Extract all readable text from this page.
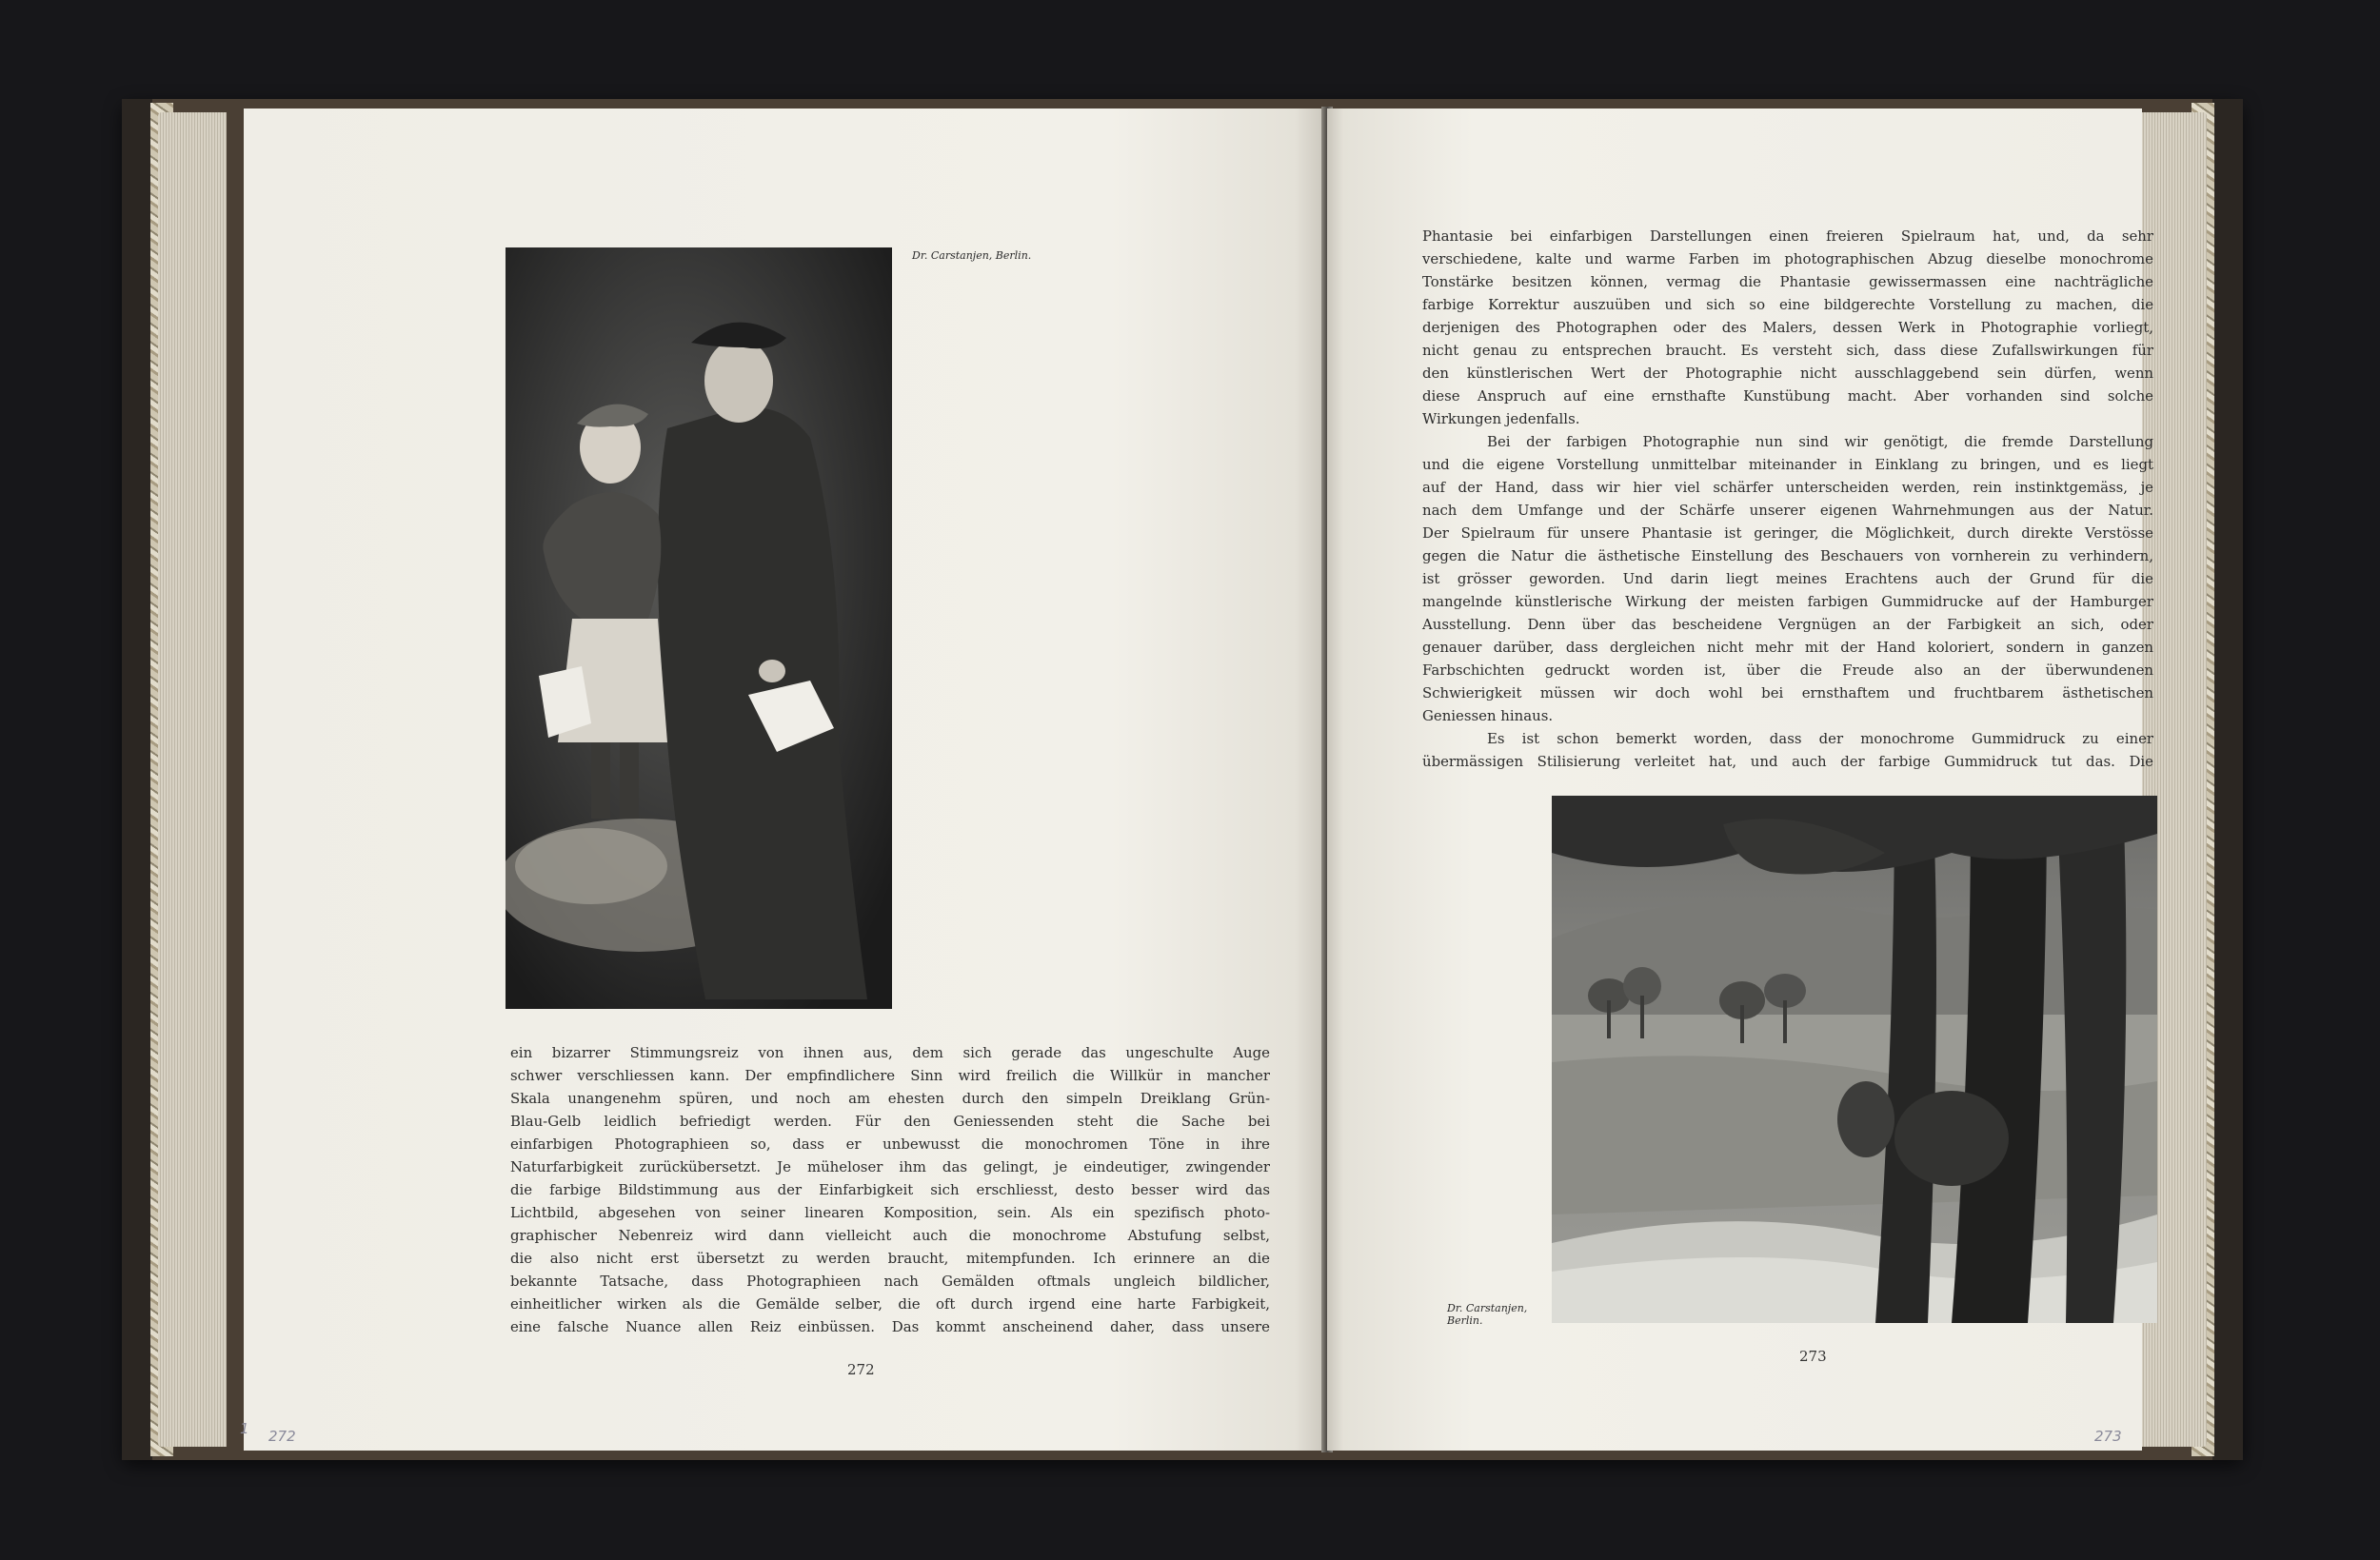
Dr. Carstanjen, Berlin.
ein bizarrer Stimmungsreiz von ihnen aus, dem sich gerade das ungeschulte Auge
schwer verschliessen kann. Der empfindlichere Sinn wird freilich die Willkür in mancher
Skala unangenehm spüren, und noch am ehesten durch den simpeln Dreiklang Grün-
Blau-Gelb leidlich befriedigt werden. Für den Geniessenden steht die Sache bei
einfarbigen Photographieen so, dass er unbewusst die monochromen Töne in ihre
Naturfarbigkeit zurückübersetzt. Je müheloser ihm das gelingt, je eindeutiger, zwingender
die farbige Bildstimmung aus der Einfarbigkeit sich erschliesst, desto besser wird das
Lichtbild, abgesehen von seiner linearen Komposition, sein. Als ein spezifisch photo-
graphischer Nebenreiz wird dann vielleicht auch die monochrome Abstufung selbst,
die also nicht erst übersetzt zu werden braucht, mitempfunden. Ich erinnere an die
bekannte Tatsache, dass Photographieen nach Gemälden oftmals ungleich bildlicher,
einheitlicher wirken als die Gemälde selber, die oft durch irgend eine harte Farbigkeit,
eine falsche Nuance allen Reiz einbüssen. Das kommt anscheinend daher, dass unsere
272
272
Phantasie bei einfarbigen Darstellungen einen freieren Spielraum hat, und, da sehr
verschiedene, kalte und warme Farben im photographischen Abzug dieselbe monochrome
Tonstärke besitzen können, vermag die Phantasie gewissermassen eine nachträgliche
farbige Korrektur auszuüben und sich so eine bildgerechte Vorstellung zu machen, die
derjenigen des Photographen oder des Malers, dessen Werk in Photographie vorliegt,
nicht genau zu entsprechen braucht. Es versteht sich, dass diese Zufallswirkungen für
den künstlerischen Wert der Photographie nicht ausschlaggebend sein dürfen, wenn
diese Anspruch auf eine ernsthafte Kunstübung macht. Aber vorhanden sind solche
Wirkungen jedenfalls.
Bei der farbigen Photographie nun sind wir genötigt, die fremde Darstellung
und die eigene Vorstellung unmittelbar miteinander in Einklang zu bringen, und es liegt
auf der Hand, dass wir hier viel schärfer unterscheiden werden, rein instinktgemäss, je
nach dem Umfange und der Schärfe unserer eigenen Wahrnehmungen aus der Natur.
Der Spielraum für unsere Phantasie ist geringer, die Möglichkeit, durch direkte Verstösse
gegen die Natur die ästhetische Einstellung des Beschauers von vornherein zu verhindern,
ist grösser geworden. Und darin liegt meines Erachtens auch der Grund für die
mangelnde künstlerische Wirkung der meisten farbigen Gummidrucke auf der Hamburger
Ausstellung. Denn über das bescheidene Vergnügen an der Farbigkeit an sich, oder
genauer darüber, dass dergleichen nicht mehr mit der Hand koloriert, sondern in ganzen
Farbschichten gedruckt worden ist, über die Freude also an der überwundenen
Schwierigkeit müssen wir doch wohl bei ernsthaftem und fruchtbarem ästhetischen
Geniessen hinaus.
Es ist schon bemerkt worden, dass der monochrome Gummidruck zu einer
übermässigen Stilisierung verleitet hat, und auch der farbige Gummidruck tut das. Die
Dr. Carstanjen, Berlin.
273
273
1
